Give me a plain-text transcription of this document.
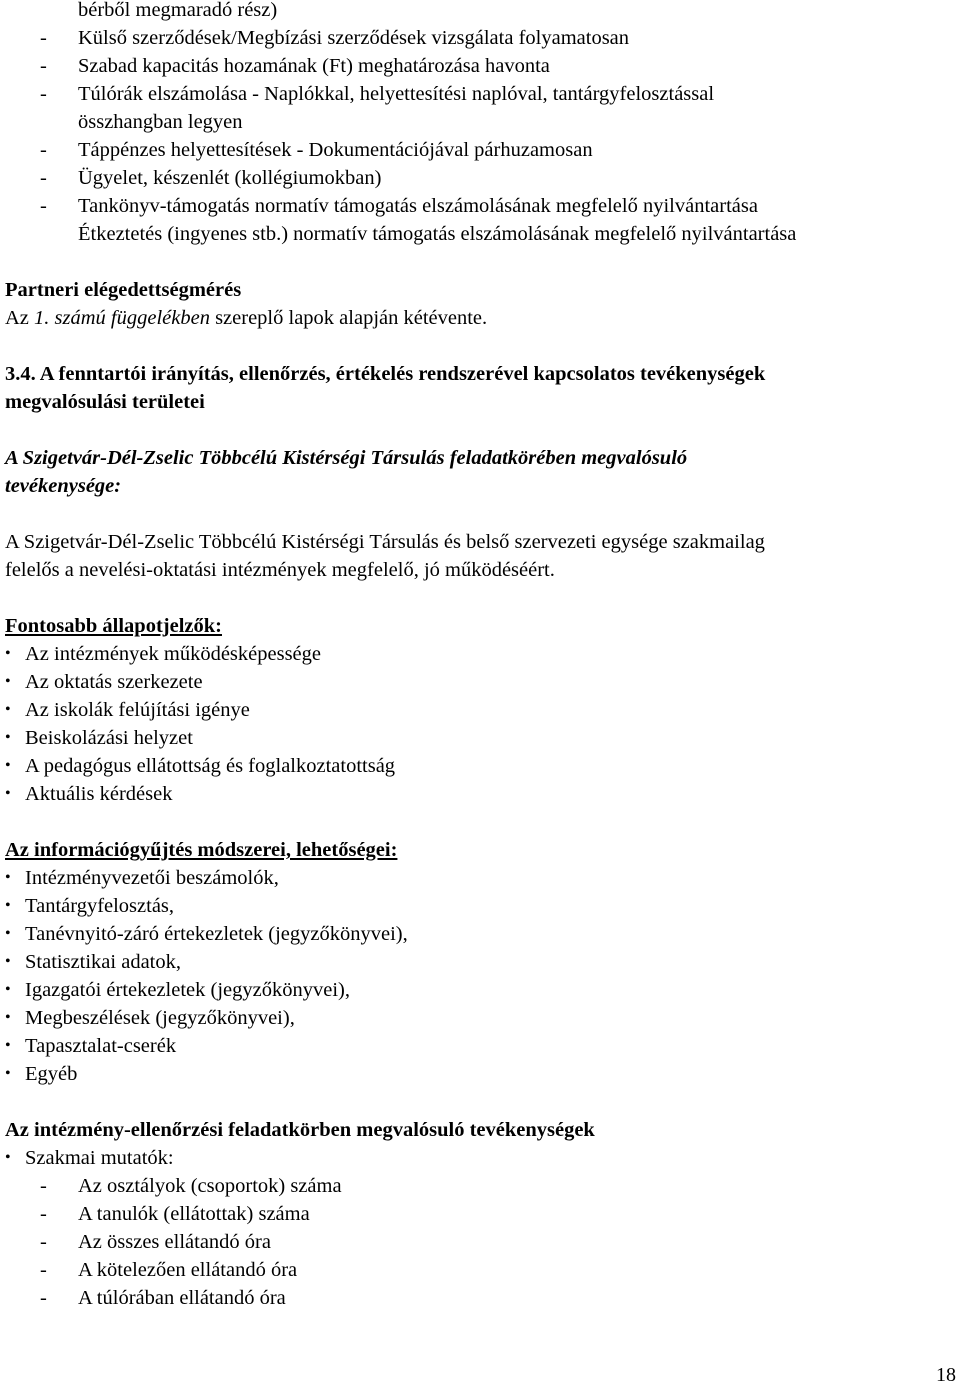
bérből megmaradó rész)
- Külső szerződések/Megbízási szerződések vizsgálata folyamatosan
- Szabad kapacitás hozamának (Ft) meghatározása havonta
- Túlórák elszámolása - Naplókkal, helyettesítési naplóval, tantárgyfelosztással
összhangban legyen
- Táppénzes helyettesítések - Dokumentációjával párhuzamosan
- Ügyelet, készenlét (kollégiumokban)
- Tankönyv-támogatás normatív támogatás elszámolásának megfelelő nyilvántartása
Étkeztetés (ingyenes stb.) normatív támogatás elszámolásának megfelelő nyilvántartása
Partneri elégedettségmérés
Az 1. számú függelékben szereplő lapok alapján kétévente.
3.4. A fenntartói irányítás, ellenőrzés, értékelés rendszerével kapcsolatos tevékenységek
megvalósulási területei
A Szigetvár-Dél-Zselic Többcélú Kistérségi Társulás feladatkörében megvalósuló
tevékenysége:
A Szigetvár-Dél-Zselic Többcélú Kistérségi Társulás és belső szervezeti egysége szakmailag
felelős a nevelési-oktatási intézmények megfelelő, jó működéséért.
Fontosabb állapotjelzők:
• Az intézmények működésképessége
• Az oktatás szerkezete
• Az iskolák felújítási igénye
• Beiskolázási helyzet
• A pedagógus ellátottság és foglalkoztatottság
• Aktuális kérdések
Az információgyűjtés módszerei, lehetőségei:
• Intézményvezetői beszámolók,
• Tantárgyfelosztás,
• Tanévnyitó-záró értekezletek (jegyzőkönyvei),
• Statisztikai adatok,
• Igazgatói értekezletek (jegyzőkönyvei),
• Megbeszélések (jegyzőkönyvei),
• Tapasztalat-cserék
• Egyéb
Az intézmény-ellenőrzési feladatkörben megvalósuló tevékenységek
• Szakmai mutatók:
- Az osztályok (csoportok) száma
- A tanulók (ellátottak) száma
- Az összes ellátandó óra
- A kötelezően ellátandó óra
- A túlórában ellátandó óra
18
